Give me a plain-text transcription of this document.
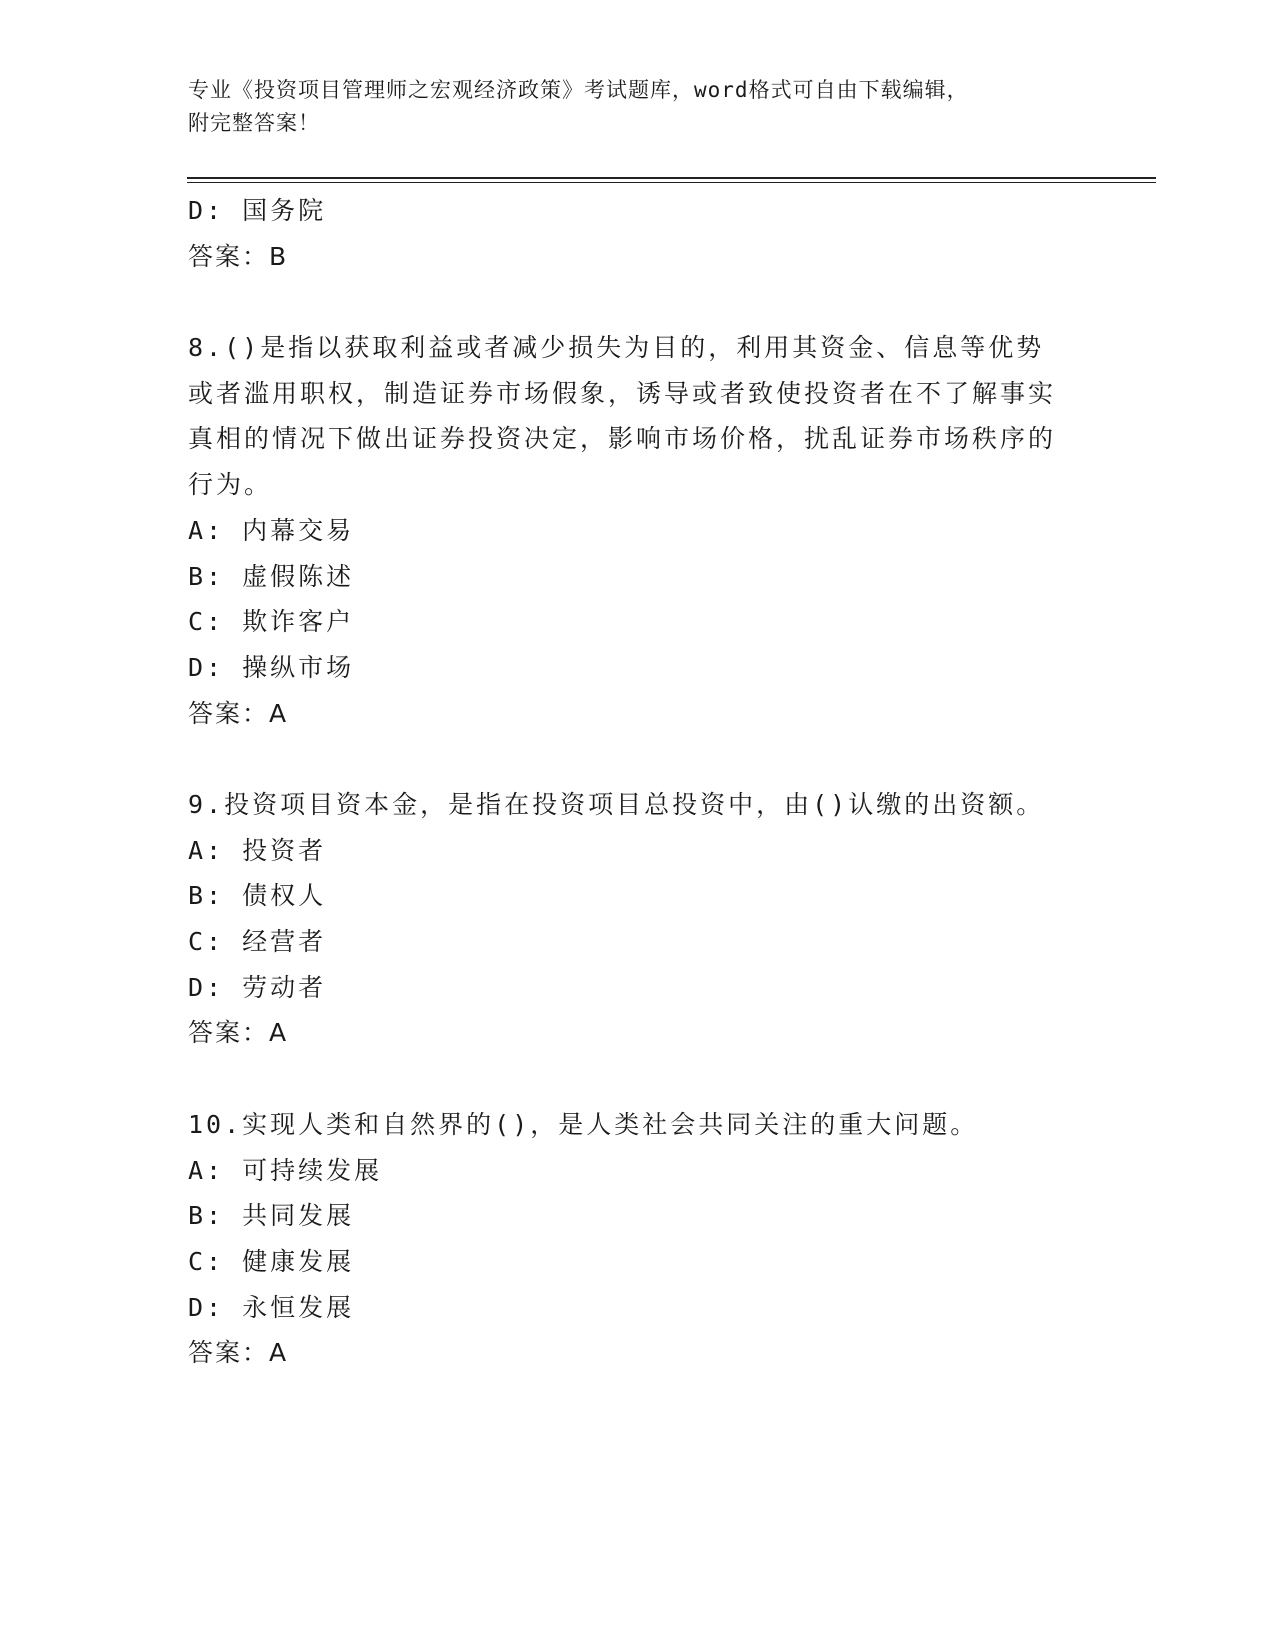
专业《投资项目管理师之宏观经济政策》考试题库，word格式可自由下载编辑，
附完整答案！
D: 国务院
答案：B
8.()是指以获取利益或者减少损失为目的，利用其资金、信息等优势或者滥用职权，制造证券市场假象，诱导或者致使投资者在不了解事实真相的情况下做出证券投资决定，影响市场价格，扰乱证券市场秩序的行为。
A: 内幕交易
B: 虚假陈述
C: 欺诈客户
D: 操纵市场
答案：A
9.投资项目资本金，是指在投资项目总投资中，由()认缴的出资额。
A: 投资者
B: 债权人
C: 经营者
D: 劳动者
答案：A
10.实现人类和自然界的()，是人类社会共同关注的重大问题。
A: 可持续发展
B: 共同发展
C: 健康发展
D: 永恒发展
答案：A
